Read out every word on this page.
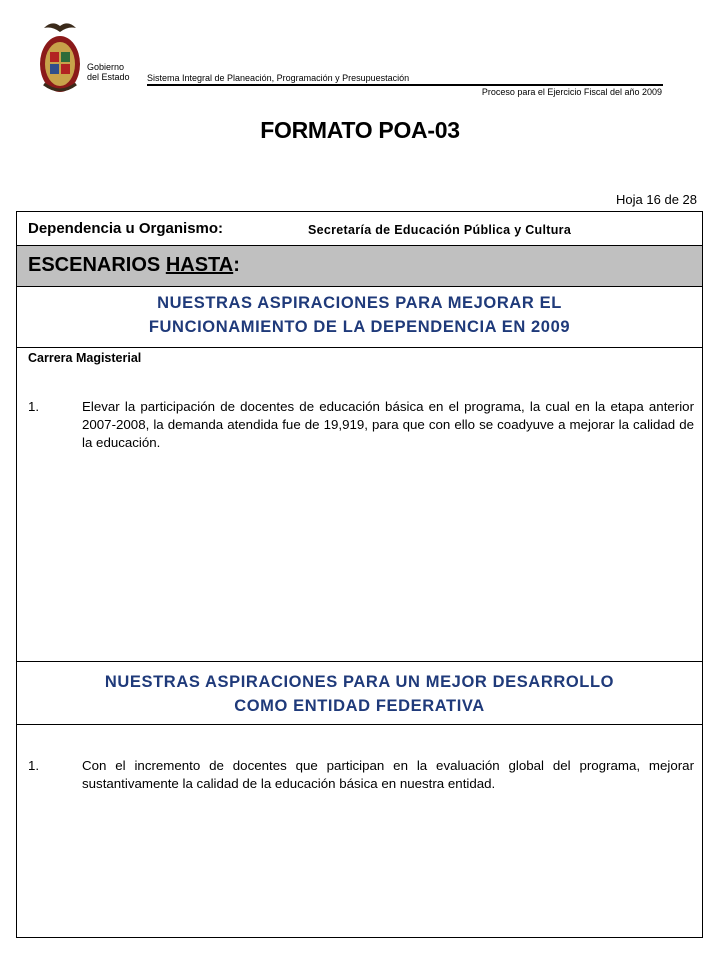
Gobierno
del Estado Sistema Integral de Planeación, Programación y Presupuestación
Proceso para el Ejercicio Fiscal del año 2009
FORMATO POA-03
Hoja 16 de 28
Dependencia u Organismo:	Secretaría de Educación Pública y Cultura
ESCENARIOS HASTA:
NUESTRAS ASPIRACIONES PARA MEJORAR EL
FUNCIONAMIENTO DE LA DEPENDENCIA EN 2009
Carrera Magisterial
1.	Elevar la participación de docentes de educación básica en el programa, la cual en la etapa anterior 2007-2008, la demanda atendida fue de 19,919, para que con ello se coadyuve a mejorar la calidad de la educación.
NUESTRAS ASPIRACIONES PARA UN MEJOR DESARROLLO
COMO ENTIDAD FEDERATIVA
1.	Con el incremento de docentes que participan en la evaluación global del programa, mejorar sustantivamente la calidad de la educación básica en nuestra entidad.
